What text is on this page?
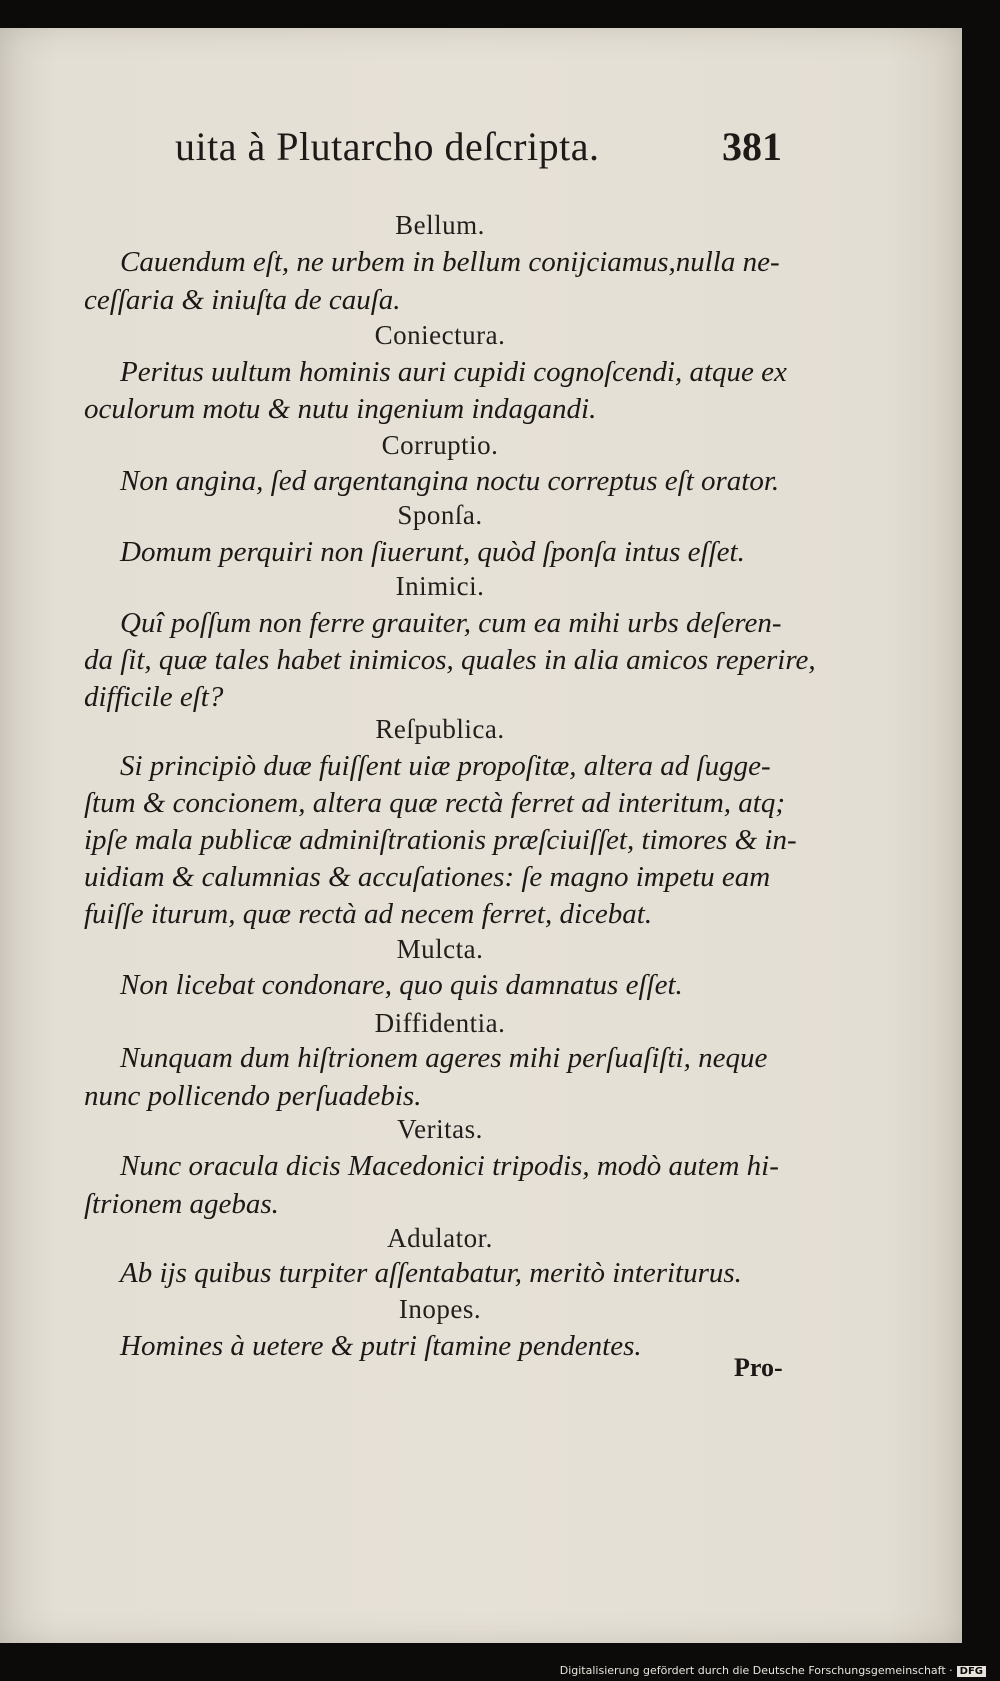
uita à Plutarcho deſcripta.	381
Bellum.
Cauendum eſt, ne urbem in bellum conijciamus,nulla ne-
ceſſaria & iniuſta de cauſa.
Coniectura.
Peritus uultum hominis auri cupidi cognoſcendi, atque ex
oculorum motu & nutu ingenium indagandi.
Corruptio.
Non angina, ſed argentangina noctu correptus eſt orator.
Sponſa.
Domum perquiri non ſiuerunt, quòd ſponſa intus eſſet.
Inimici.
Quî poſſum non ferre grauiter, cum ea mihi urbs deſeren-
da ſit, quæ tales habet inimicos, quales in alia amicos reperire,
difficile eſt?
Reſpublica.
Si principiò duæ fuiſſent uiæ propoſitæ, altera ad ſugge-
ſtum & concionem, altera quæ rectà ferret ad interitum, atq;
ipſe mala publicæ adminiſtrationis præſciuiſſet, timores & in-
uidiam & calumnias & accuſationes: ſe magno impetu eam
fuiſſe iturum, quæ rectà ad necem ferret, dicebat.
Mulcta.
Non licebat condonare, quo quis damnatus eſſet.
Diffidentia.
Nunquam dum hiſtrionem ageres mihi perſuaſiſti, neque
nunc pollicendo perſuadebis.
Veritas.
Nunc oracula dicis Macedonici tripodis, modò autem hi-
ſtrionem agebas.
Adulator.
Ab ijs quibus turpiter aſſentabatur, meritò interiturus.
Inopes.
Homines à uetere & putri ſtamine pendentes.
Pro-
Digitalisierung gefördert durch die Deutsche Forschungsgemeinschaft · DFG
